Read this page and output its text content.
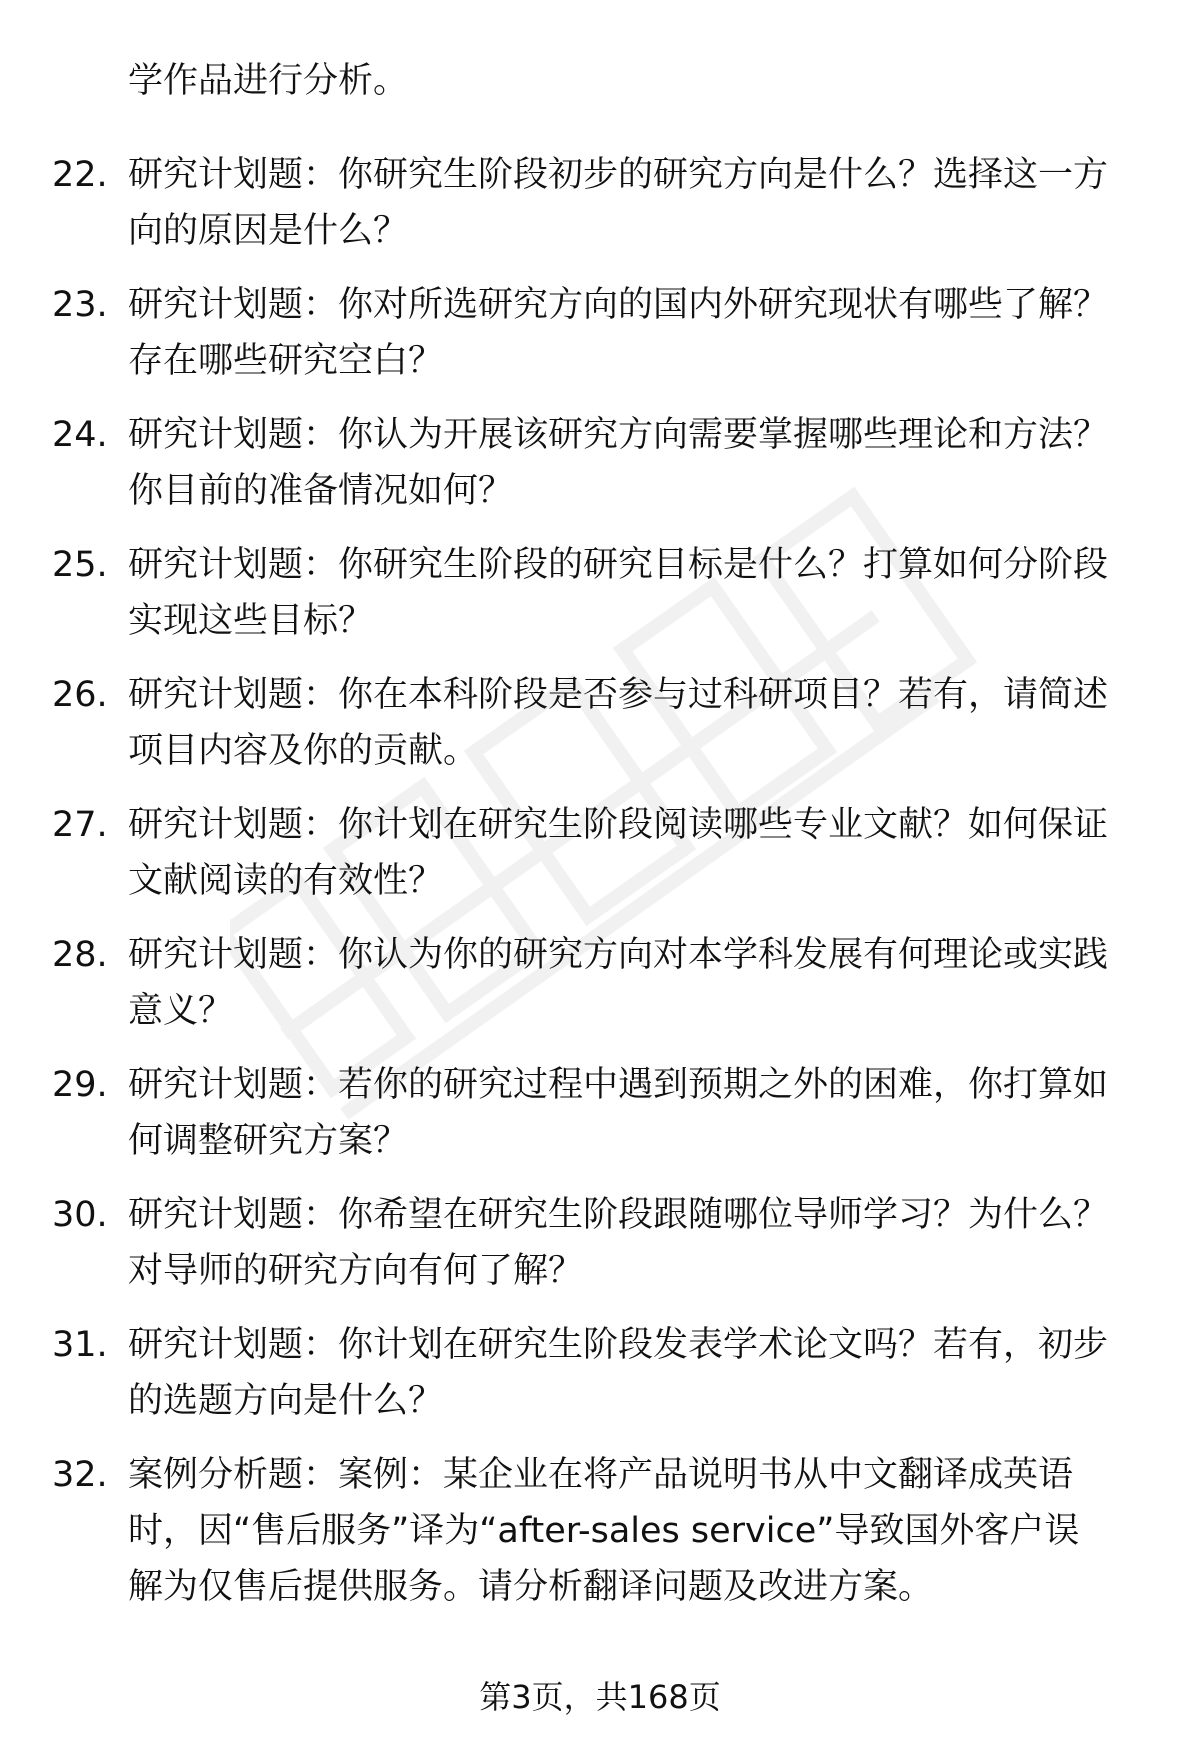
学作品进行分析。
22. 研究计划题：你研究生阶段初步的研究方向是什么？选择这一方
向的原因是什么？
23. 研究计划题：你对所选研究方向的国内外研究现状有哪些了解？
存在哪些研究空白？
24. 研究计划题：你认为开展该研究方向需要掌握哪些理论和方法？
你目前的准备情况如何？
25. 研究计划题：你研究生阶段的研究目标是什么？打算如何分阶段
实现这些目标？
26. 研究计划题：你在本科阶段是否参与过科研项目？若有，请简述
项目内容及你的贡献。
27. 研究计划题：你计划在研究生阶段阅读哪些专业文献？如何保证
文献阅读的有效性？
28. 研究计划题：你认为你的研究方向对本学科发展有何理论或实践
意义？
29. 研究计划题：若你的研究过程中遇到预期之外的困难，你打算如
何调整研究方案？
30. 研究计划题：你希望在研究生阶段跟随哪位导师学习？为什么？
对导师的研究方向有何了解？
31. 研究计划题：你计划在研究生阶段发表学术论文吗？若有，初步
的选题方向是什么？
32. 案例分析题：案例：某企业在将产品说明书从中文翻译成英语
时，因“售后服务”译为“after-sales service”导致国外客户误
解为仅售后提供服务。请分析翻译问题及改进方案。
第3页，共168页
